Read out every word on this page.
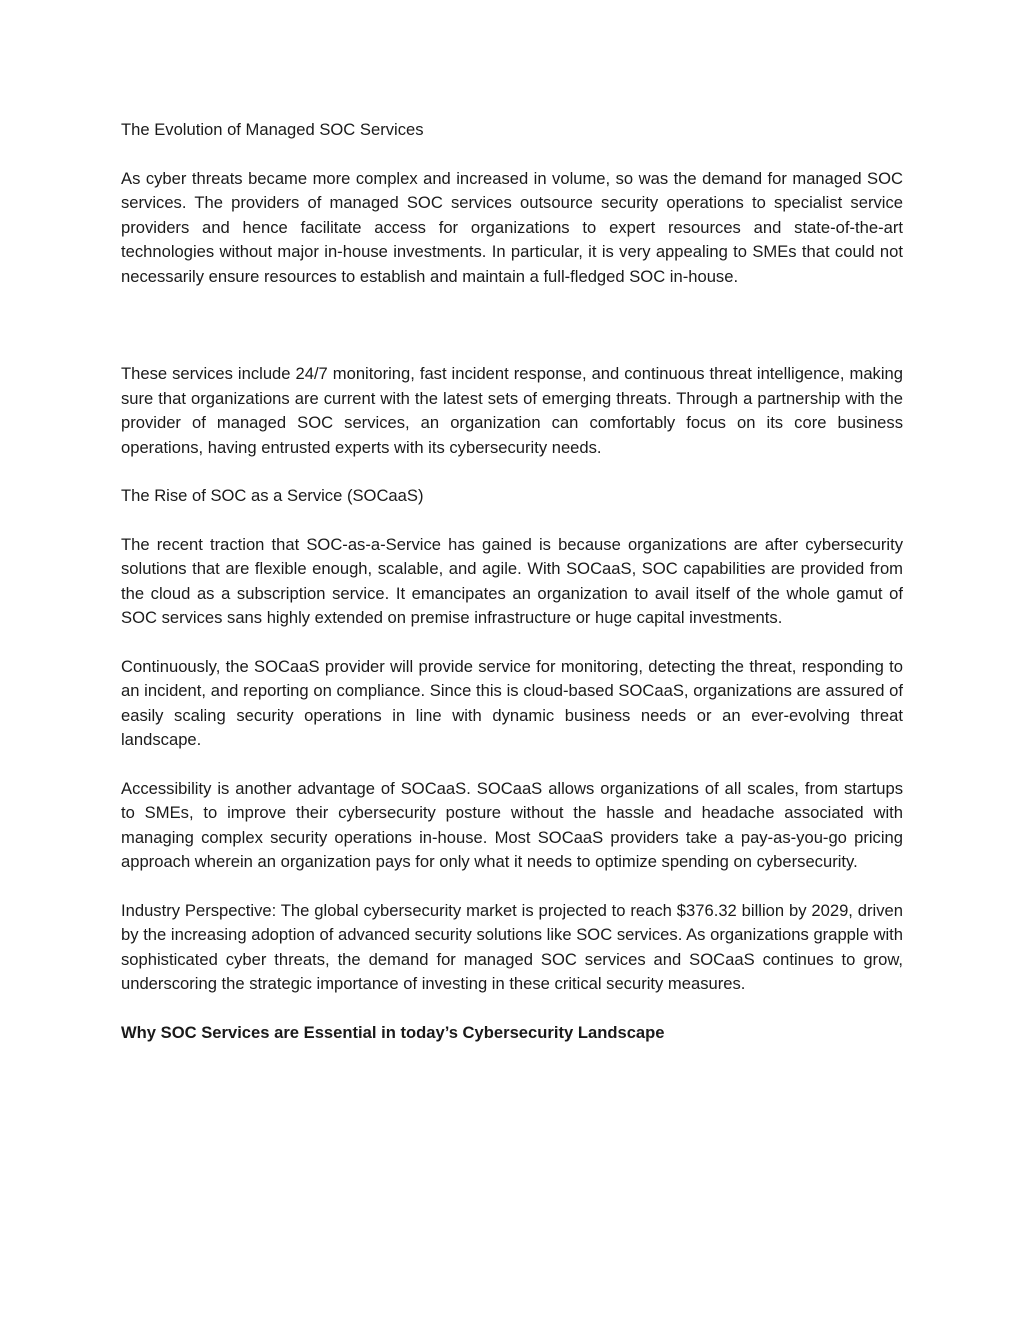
The Evolution of Managed SOC Services

As cyber threats became more complex and increased in volume, so was the demand for managed SOC services. The providers of managed SOC services outsource security operations to specialist service providers and hence facilitate access for organizations to expert resources and state-of-the-art technologies without major in-house investments. In particular, it is very appealing to SMEs that could not necessarily ensure resources to establish and maintain a full-fledged SOC in-house.

These services include 24/7 monitoring, fast incident response, and continuous threat intelligence, making sure that organizations are current with the latest sets of emerging threats. Through a partnership with the provider of managed SOC services, an organization can comfortably focus on its core business operations, having entrusted experts with its cybersecurity needs.

The Rise of SOC as a Service (SOCaaS)

The recent traction that SOC-as-a-Service has gained is because organizations are after cybersecurity solutions that are flexible enough, scalable, and agile. With SOCaaS, SOC capabilities are provided from the cloud as a subscription service. It emancipates an organization to avail itself of the whole gamut of SOC services sans highly extended on premise infrastructure or huge capital investments.

Continuously, the SOCaaS provider will provide service for monitoring, detecting the threat, responding to an incident, and reporting on compliance. Since this is cloud-based SOCaaS, organizations are assured of easily scaling security operations in line with dynamic business needs or an ever-evolving threat landscape.

Accessibility is another advantage of SOCaaS. SOCaaS allows organizations of all scales, from startups to SMEs, to improve their cybersecurity posture without the hassle and headache associated with managing complex security operations in-house. Most SOCaaS providers take a pay-as-you-go pricing approach wherein an organization pays for only what it needs to optimize spending on cybersecurity.

Industry Perspective: The global cybersecurity market is projected to reach $376.32 billion by 2029, driven by the increasing adoption of advanced security solutions like SOC services. As organizations grapple with sophisticated cyber threats, the demand for managed SOC services and SOCaaS continues to grow, underscoring the strategic importance of investing in these critical security measures.

Why SOC Services are Essential in today’s Cybersecurity Landscape
